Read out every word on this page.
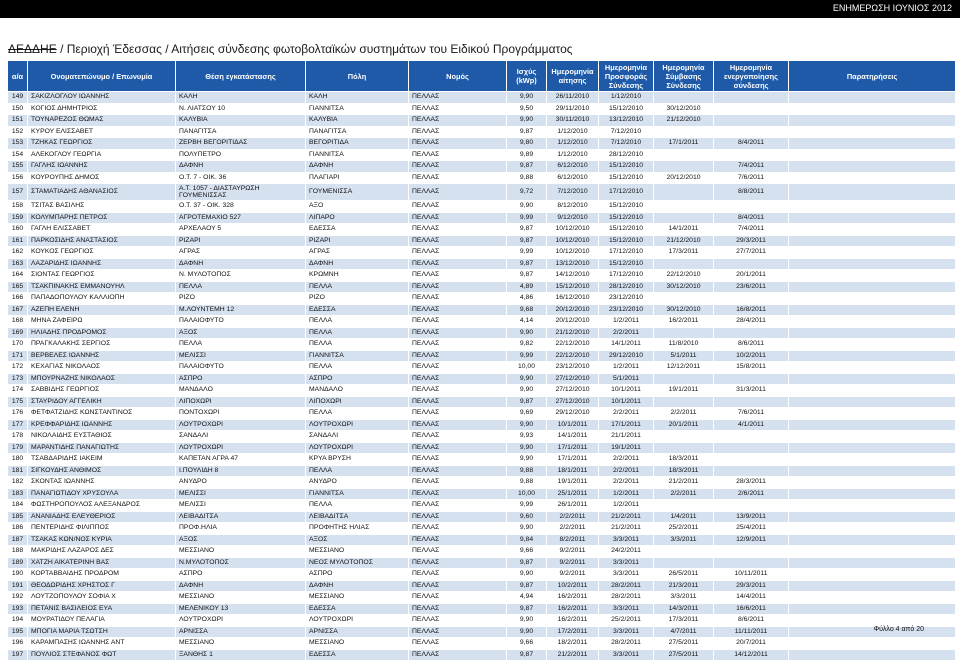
ΕΝΗΜΕΡΩΣΗ ΙΟΥΝΙΟΣ 2012
ΔΕΔΔΗΕ / Περιοχή Έδεσσας / Αιτήσεις σύνδεσης φωτοβολταϊκών συστημάτων του Ειδικού Προγράμματος
α/α	Ονοματεπώνυμο / Επωνυμία	Θέση εγκατάστασης	Πόλη	Νομός	Ισχύς (kWp)	Ημερομηνία αίτησης	Ημερομηνία Προσφοράς Σύνδεσης	Ημερομηνία Σύμβασης Σύνδεσης	Ημερομηνία ενεργοποίησης σύνδεσης	Παρατηρήσεις
149	ΣΑΚΙΖΛΟΓΛΟΥ ΙΩΑΝΝΗΣ	ΚΑΛΗ	ΚΑΛΗ	ΠΕΛΛΑΣ	9,90	26/11/2010	1/12/2010			
150	ΚΟΓΙΟΣ ΔΗΜΗΤΡΙΟΣ	Ν. ΛΙΑΤΣΟΥ 10	ΓΙΑΝΝΙΤΣΑ	ΠΕΛΛΑΣ	9,50	29/11/2010	15/12/2010	30/12/2010		
151	ΤΟΥΝΑΡΕΖΟΣ ΘΩΜΑΣ	ΚΑΛΥΒΙΑ	ΚΑΛΥΒΙΑ	ΠΕΛΛΑΣ	9,90	30/11/2010	13/12/2010	21/12/2010		
152	ΚΥΡΟΥ ΕΛΙΣΣΑΒΕΤ	ΠΑΝΑΓΙΤΣΑ	ΠΑΝΑΓΙΤΣΑ	ΠΕΛΛΑΣ	9,87	1/12/2010	7/12/2010			
153	ΤΖΗΚΑΣ ΓΕΩΡΓΙΟΣ	ΖΕΡΒΗ ΒΕΓΟΡΙΤΙΔΑΣ	ΒΕΓΟΡΙΤΙΔΑ	ΠΕΛΛΑΣ	9,80	1/12/2010	7/12/2010	17/1/2011	8/4/2011	
154	ΑΛΕΚΟΓΛΟΥ ΓΕΩΡΓΙΑ	ΠΟΛΥΠΕΤΡΟ	ΓΙΑΝΝΙΤΣΑ	ΠΕΛΛΑΣ	9,89	1/12/2010	28/12/2010			
155	ΓΑΓΛΗΣ ΙΩΑΝΝΗΣ	ΔΑΦΝΗ	ΔΑΦΝΗ	ΠΕΛΛΑΣ	9,87	6/12/2010	15/12/2010		7/4/2011	
156	ΚΟΥΡΟΥΠΗΣ ΔΗΜΟΣ	Ο.Τ. 7 - ΟΙΚ. 36	ΠΛΑΓΙΑΡΙ	ΠΕΛΛΑΣ	9,88	6/12/2010	15/12/2010	20/12/2010	7/6/2011	
157	ΣΤΑΜΑΤΙΑΔΗΣ ΑΘΑΝΑΣΙΟΣ	Α.Τ. 1057 - ΔΙΑΣΤΑΥΡΩΣΗ ΓΟΥΜΕΝΙΣΣΑΣ	ΓΟΥΜΕΝΙΣΣΑ	ΠΕΛΛΑΣ	9,72	7/12/2010	17/12/2010		8/8/2011	
158	ΤΣΙΤΑΣ ΒΑΣΙΛΗΣ	Ο.Τ. 37 - ΟΙΚ. 328	ΑΞΟ	ΠΕΛΛΑΣ	9,90	8/12/2010	15/12/2010			
159	ΚΟΛΥΜΠΑΡΗΣ ΠΕΤΡΟΣ	ΑΓΡΟΤΕΜΑΧΙΟ 527	ΛΙΠΑΡΟ	ΠΕΛΛΑΣ	9,99	9/12/2010	15/12/2010		8/4/2011	
160	ΓΑΓΛΗ ΕΛΙΣΣΑΒΕΤ	ΑΡΧΕΛΑΟΥ 5	ΕΔΕΣΣΑ	ΠΕΛΛΑΣ	9,87	10/12/2010	15/12/2010	14/1/2011	7/4/2011	
161	ΠΑΡΚΟΣΙΔΗΣ ΑΝΑΣΤΑΣΙΟΣ	ΡΙΖΑΡΙ	ΡΙΖΑΡΙ	ΠΕΛΛΑΣ	9,87	10/12/2010	15/12/2010	21/12/2010	29/3/2011	
162	ΚΟΥΚΟΣ ΓΕΩΡΓΙΟΣ	ΑΓΡΑΣ	ΑΓΡΑΣ	ΠΕΛΛΑΣ	9,99	10/12/2010	17/12/2010	17/3/2011	27/7/2011	
163	ΛΑΖΑΡΙΔΗΣ ΙΩΑΝΝΗΣ	ΔΑΦΝΗ	ΔΑΦΝΗ	ΠΕΛΛΑΣ	9,87	13/12/2010	15/12/2010			
164	ΣΙΟΝΤΑΣ ΓΕΩΡΓΙΟΣ	Ν. ΜΥΛΟΤΟΠΟΣ	ΚΡΩΜΝΗ	ΠΕΛΛΑΣ	9,87	14/12/2010	17/12/2010	22/12/2010	20/1/2011	
165	ΤΣΑΚΠΙΝΑΚΗΣ ΕΜΜΑΝΟΥΗΛ	ΠΕΛΛΑ	ΠΕΛΛΑ	ΠΕΛΛΑΣ	4,89	15/12/2010	28/12/2010	30/12/2010	23/6/2011	
166	ΠΑΠΑΔΟΠΟΥΛΟΥ ΚΑΛΛΙΟΠΗ	ΡΙΖΟ	ΡΙΖΟ	ΠΕΛΛΑΣ	4,86	16/12/2010	23/12/2010			
167	ΑΖΕΠΗ ΕΛΕΝΗ	Μ.ΛΟΥΝΤΕΜΗ 12	ΕΔΕΣΣΑ	ΠΕΛΛΑΣ	9,68	20/12/2010	23/12/2010	30/12/2010	16/8/2011	
168	ΜΗΝΑ ΖΑΦΕΙΡΩ	ΠΑΛΑΙΟΦΥΤΟ	ΠΕΛΛΑ	ΠΕΛΛΑΣ	4,14	20/12/2010	1/2/2011	16/2/2011	28/4/2011	
169	ΗΛΙΑΔΗΣ ΠΡΟΔΡΟΜΟΣ	ΑΞΟΣ	ΠΕΛΛΑ	ΠΕΛΛΑΣ	9,90	21/12/2010	2/2/2011			
170	ΠΡΑΓΚΑΛΑΚΗΣ ΣΕΡΓΙΟΣ	ΠΕΛΛΑ	ΠΕΛΛΑ	ΠΕΛΛΑΣ	9,82	22/12/2010	14/1/2011	11/8/2010	8/6/2011	
171	ΒΕΡΒΕΛΕΣ ΙΩΑΝΝΗΣ	ΜΕΛΙΣΣΙ	ΓΙΑΝΝΙΤΣΑ	ΠΕΛΛΑΣ	9,99	22/12/2010	29/12/2010	5/1/2011	10/2/2011	
172	ΚΕΧΑΓΙΑΣ ΝΙΚΟΛΑΟΣ	ΠΑΛΑΙΟΦΥΤΟ	ΠΕΛΛΑ	ΠΕΛΛΑΣ	10,00	23/12/2010	1/2/2011	12/12/2011	15/8/2011	
173	ΜΠΟΥΡΝΑΖΗΣ ΝΙΚΟΛΑΟΣ	ΑΣΠΡΟ	ΑΣΠΡΟ	ΠΕΛΛΑΣ	9,90	27/12/2010	5/1/2011			
174	ΣΑΒΒΙΔΗΣ ΓΕΩΡΓΙΟΣ	ΜΑΝΔΑΛΟ	ΜΑΝΔΑΛΟ	ΠΕΛΛΑΣ	9,90	27/12/2010	10/1/2011	19/1/2011	31/3/2011	
175	ΣΤΑΥΡΙΔΟΥ ΑΓΓΕΛΙΚΗ	ΛΙΠΟΧΩΡΙ	ΛΙΠΟΧΩΡΙ	ΠΕΛΛΑΣ	9,87	27/12/2010	10/1/2011			
176	ΦΕΤΦΑΤΖΙΔΗΣ ΚΩΝΣΤΑΝΤΙΝΟΣ	ΠΟΝΤΟΧΩΡΙ	ΠΕΛΛΑ	ΠΕΛΛΑΣ	9,69	29/12/2010	2/2/2011	2/2/2011	7/6/2011	
177	ΚΡΕΦΦΑΡΙΔΗΣ ΙΩΑΝΝΗΣ	ΛΟΥΤΡΟΧΩΡΙ	ΛΟΥΤΡΟΧΩΡΙ	ΠΕΛΛΑΣ	9,90	10/1/2011	17/1/2011	20/1/2011	4/1/2011	
178	ΝΙΚΟΛΑΙΔΗΣ ΕΥΣΤΑΘΙΟΣ	ΣΑΝΔΑΛΙ	ΣΑΝΔΑΛΙ	ΠΕΛΛΑΣ	9,93	14/1/2011	21/1/2011			
179	ΜΑΡΑΝΤΙΔΗΣ ΠΑΝΑΓΙΩΤΗΣ	ΛΟΥΤΡΟΧΩΡΙ	ΛΟΥΤΡΟΧΩΡΙ	ΠΕΛΛΑΣ	9,90	17/1/2011	19/1/2011			
180	ΤΣΑΒΔΑΡΙΔΗΣ ΙΑΚΕΙΜ	ΚΑΠΕΤΑΝ ΑΓΡΑ 47	ΚΡΥΑ ΒΡΥΣΗ	ΠΕΛΛΑΣ	9,90	17/1/2011	2/2/2011	18/3/2011		
181	ΣΙΓΚΟΥΔΗΣ ΑΝΘΙΜΟΣ	Ι.ΠΟΥΛΙΔΗ 8	ΠΕΛΛΑ	ΠΕΛΛΑΣ	9,88	18/1/2011	2/2/2011	18/3/2011		
182	ΣΚΟΝΤΑΣ ΙΩΑΝΝΗΣ	ΑΝΥΔΡΟ	ΑΝΥΔΡΟ	ΠΕΛΛΑΣ	9,88	19/1/2011	2/2/2011	21/2/2011	28/3/2011	
183	ΠΑΝΑΓΙΩΤΙΔΟΥ ΧΡΥΣΟΥΛΑ	ΜΕΛΙΣΣΙ	ΓΙΑΝΝΙΤΣΑ	ΠΕΛΛΑΣ	10,00	25/1/2011	1/2/2011	2/2/2011	2/6/2011	
184	ΦΩΣΤΗΡΟΠΟΥΛΟΣ ΑΛΕΞΑΝΔΡΟΣ	ΜΕΛΙΣΣΙ	ΠΕΛΛΑ	ΠΕΛΛΑΣ	9,99	26/1/2011	1/2/2011			
185	ΑΝΑΝΙΑΔΗΣ ΕΛΕΥΘΕΡΙΟΣ	ΛΕΙΒΑΔΙΤΣΑ	ΛΕΙΒΑΔΙΤΣΑ	ΠΕΛΛΑΣ	9,60	2/2/2011	21/2/2011	1/4/2011	13/9/2011	
186	ΠΕΝΤΕΡΙΔΗΣ ΦΙΛΙΠΠΟΣ	ΠΡΟΦ.ΗΛΙΑ	ΠΡΟΦΗΤΗΣ ΗΛΙΑΣ	ΠΕΛΛΑΣ	9,90	2/2/2011	21/2/2011	25/2/2011	25/4/2011	
187	ΤΣΑΚΑΣ ΚΩΝ/ΝΟΣ ΚΥΡΙΑ	ΑΞΟΣ	ΑΞΟΣ	ΠΕΛΛΑΣ	9,84	8/2/2011	3/3/2011	3/3/2011	12/9/2011	
188	ΜΑΚΡΙΔΗΣ ΛΑΖΑΡΟΣ ΔΕΣ	ΜΕΣΣΙΑΝΟ	ΜΕΣΣΙΑΝΟ	ΠΕΛΛΑΣ	9,66	9/2/2011	24/2/2011			
189	ΧΑΤΖΗ ΑΙΚΑΤΕΡΙΝΗ ΒΑΣ	Ν.ΜΥΛΟΤΟΠΟΣ	ΝΕΟΣ ΜΥΛΟΤΟΠΟΣ	ΠΕΛΛΑΣ	9,87	9/2/2011	3/3/2011			
190	ΚΟΡΤΑΒΒΑΙΔΗΣ ΠΡΟΔΡΟΜ	ΑΣΠΡΟ	ΑΣΠΡΟ	ΠΕΛΛΑΣ	9,90	9/2/2011	3/3/2011	26/5/2011	10/11/2011	
191	ΘΕΟΔΩΡΙΔΗΣ ΧΡΗΣΤΟΣ Γ	ΔΑΦΝΗ	ΔΑΦΝΗ	ΠΕΛΛΑΣ	9,87	10/2/2011	28/2/2011	21/3/2011	29/3/2011	
192	ΛΟΥΤΖΟΠΟΥΛΟΥ ΣΟΦΙΑ Χ	ΜΕΣΣΙΑΝΟ	ΜΕΣΣΙΑΝΟ	ΠΕΛΛΑΣ	4,94	16/2/2011	28/2/2011	3/3/2011	14/4/2011	
193	ΠΕΤΑΝΙΣ ΒΑΣΙΛΕΙΟΣ ΕΥΑ	ΜΕΛΕΝΙΚΟΥ 13	ΕΔΕΣΣΑ	ΠΕΛΛΑΣ	9,87	16/2/2011	3/3/2011	14/3/2011	16/6/2011	
194	ΜΟΥΡΑΤΙΔΟΥ ΠΕΛΑΓΙΑ	ΛΟΥΤΡΟΧΩΡΙ	ΛΟΥΤΡΟΧΩΡΙ	ΠΕΛΛΑΣ	9,90	16/2/2011	25/2/2011	17/3/2011	8/6/2011	
195	ΜΠΟΓΙΑ ΜΑΡΙΑ ΤΣΩΤΣΗ	ΑΡΝΙΣΣΑ	ΑΡΝΙΣΣΑ	ΠΕΛΛΑΣ	9,90	17/2/2011	3/3/2011	4/7/2011	11/11/2011	
196	ΚΑΡΑΜΠΑΣΗΣ ΙΩΑΝΝΗΣ ΑΝΤ	ΜΕΣΣΙΑΝΟ	ΜΕΣΣΙΑΝΟ	ΠΕΛΛΑΣ	9,66	18/2/2011	28/2/2011	27/5/2011	20/7/2011	
197	ΠΟΥΛΙΟΣ ΣΤΕΦΑΝΟΣ ΦΩΤ	ΞΑΝΘΗΣ 1	ΕΔΕΣΣΑ	ΠΕΛΛΑΣ	9,87	21/2/2011	3/3/2011	27/5/2011	14/12/2011	
Φύλλο 4 από 20
